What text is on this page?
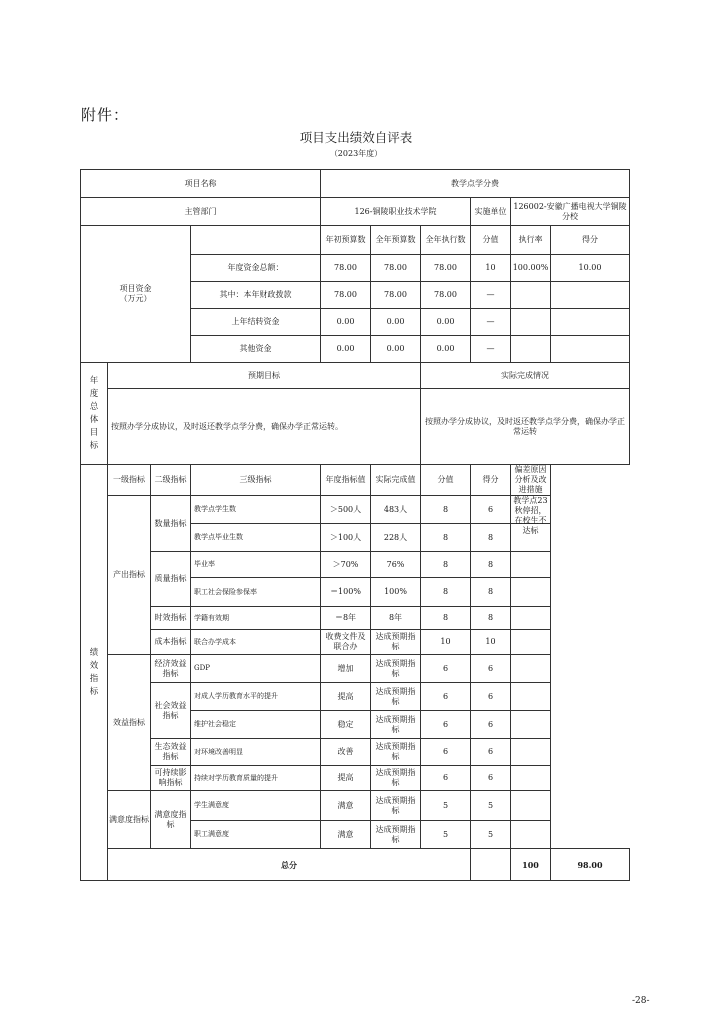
附件：
项目支出绩效自评表
（2023年度）
项目名称				教学点学分费						
主管部门				126-铜陵职业技术学院			实施单位	126002-安徽广播电视大学铜陵分校		
项目资金
（万元）				年初预算数	全年预算数	全年执行数	分值	执行率	得分	
			年度资金总额：	78.00	78.00	78.00	10	100.00%	10.00	
			其中：本年财政拨款	78.00	78.00	78.00	—			
			上年结转资金	0.00	0.00	0.00	—			
			其他资金	0.00	0.00	0.00	—			

年度总体目标	预期目标					实际完成情况				
	按照办学分成协议，及时返还教学点学分费，确保办学正常运转。					按照办学分成协议，及时返还教学点学分费，确保办学正常运转				

绩效指标	一级指标	二级指标	三级指标	年度指标值	实际完成值	分值	得分	偏差原因分析及改进措施		
	产出指标	数量指标	教学点学生数	＞500人	483人	8	6	教学点23秋停招，在校生不达标		

			教学点毕业生数	＞100人	228人	8	8			
		质量指标	毕业率	＞70%	76%	8	8			
			职工社会保险参保率	＝100%	100%	8	8			
		时效指标	学籍有效期	＝8年	8年	8	8			
		成本指标	联合办学成本	收费文件及联合办	达成预期指标	10	10			
	效益指标	经济效益指标	GDP	增加	达成预期指标	6	6			
		社会效益指标	对成人学历教育水平的提升	提高	达成预期指标	6	6			
			维护社会稳定	稳定	达成预期指标	6	6			
		生态效益指标	对环境改善明显	改善	达成预期指标	6	6			
		可持续影响指标	持续对学历教育质量的提升	提高	达成预期指标	6	6			
	满意度指标	满意度指标	学生满意度	满意	达成预期指标	5	5			
			职工满意度	满意	达成预期指标	5	5			
	总分							100	98.00	
-28-
